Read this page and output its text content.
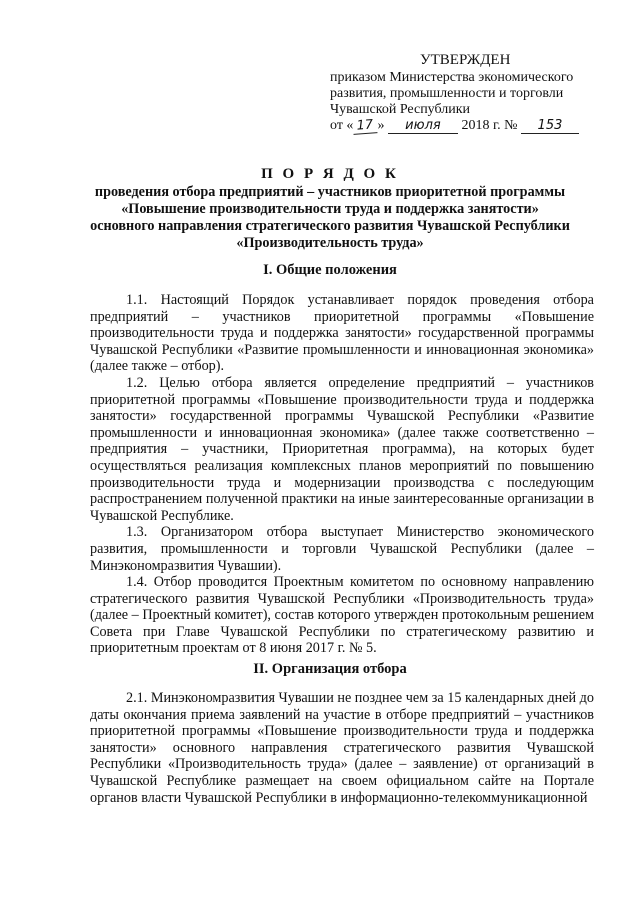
УТВЕРЖДЕН
приказом Министерства экономического
развития, промышленности и торговли
Чувашской Республики
от « 17 » июля 2018 г. № 153
П О Р Я Д О К
проведения отбора предприятий – участников приоритетной программы
«Повышение производительности труда и поддержка занятости»
основного направления стратегического развития Чувашской Республики
«Производительность труда»
I. Общие положения

1.1. Настоящий Порядок устанавливает порядок проведения отбора предприятий – участников приоритетной программы «Повышение производительности труда и поддержка занятости» государственной программы Чувашской Республики «Развитие промышленности и инновационная экономика» (далее также – отбор).

1.2. Целью отбора является определение предприятий – участников приоритетной программы «Повышение производительности труда и поддержка занятости» государственной программы Чувашской Республики «Развитие промышленности и инновационная экономика» (далее также соответственно – предприятия – участники, Приоритетная программа), на которых будет осуществляться реализация комплексных планов мероприятий по повышению производительности труда и модернизации производства с последующим распространением полученной практики на иные заинтересованные организации в Чувашской Республике.

1.3. Организатором отбора выступает Министерство экономического развития, промышленности и торговли Чувашской Республики (далее – Минэкономразвития Чувашии).

1.4. Отбор проводится Проектным комитетом по основному направлению стратегического развития Чувашской Республики «Производительность труда» (далее – Проектный комитет), состав которого утвержден протокольным решением Совета при Главе Чувашской Республики по стратегическому развитию и приоритетным проектам от 8 июня 2017 г. № 5.

II. Организация отбора

2.1. Минэкономразвития Чувашии не позднее чем за 15 календарных дней до даты окончания приема заявлений на участие в отборе предприятий – участников приоритетной программы «Повышение производительности труда и поддержка занятости» основного направления стратегического развития Чувашской Республики «Производительность труда» (далее – заявление) от организаций в Чувашской Республике размещает на своем официальном сайте на Портале органов власти Чувашской Республики в информационно-телекоммуникационной
